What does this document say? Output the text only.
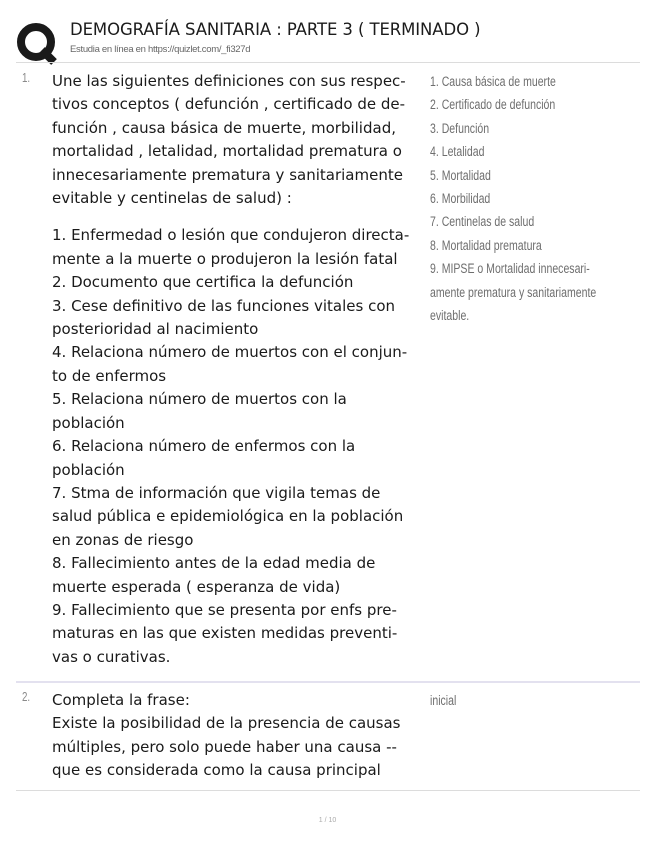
DEMOGRAFÍA SANITARIA : PARTE 3 ( TERMINADO )
Estudia en línea en https://quizlet.com/_fi327d
1. Une las siguientes definiciones con sus respec-

tivos conceptos ( defunción , certificado de de-

función , causa básica de muerte, morbilidad,

mortalidad , letalidad, mortalidad prematura o

innecesariamente prematura y sanitariamente

evitable y centinelas de salud) :

1. Enfermedad o lesión que condujeron directa-

mente a la muerte o produjeron la lesión fatal

2. Documento que certifica la defunción

3. Cese definitivo de las funciones vitales con

posterioridad al nacimiento

4. Relaciona número de muertos con el conjun-

to de enfermos

5. Relaciona número de muertos con la

población

6. Relaciona número de enfermos con la

población

7. Stma de información que vigila temas de

salud pública e epidemiológica en la población

en zonas de riesgo

8. Fallecimiento antes de la edad media de

muerte esperada ( esperanza de vida)

9. Fallecimiento que se presenta por enfs pre-

maturas en las que existen medidas preventi-

vas o curativas.

1. Causa básica de muerte

2. Certificado de defunción

3. Defunción

4. Letalidad

5. Mortalidad

6. Morbilidad

7. Centinelas de salud

8. Mortalidad prematura

9. MIPSE o Mortalidad innecesari-

amente prematura y sanitariamente

evitable.

2. Completa la frase:

Existe la posibilidad de la presencia de causas

múltiples, pero solo puede haber una causa --

que es considerada como la causa principal

inicial

1 / 10
